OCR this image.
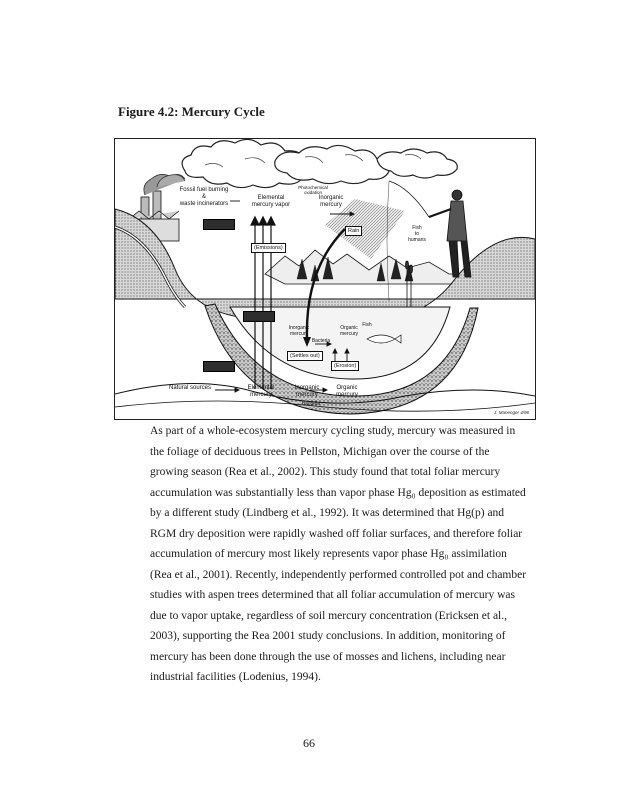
Figure 4.2: Mercury Cycle
Fossil fuel burning
&
waste incinerators
Photochemical
oxidation
Elemental
mercury vapor
Inorganic
mercury
Fish
to
humans
Inorganic
mercury
Organic
mercury
Bacteria
Fish
Natural sources	Elemental
mercury
Inorganic
mercury
Organic
mercury
Bacteria
Rain
(Emissions)
(Settles out)
(Erosion)
J. Manenger 4/96
As part of a whole-ecosystem mercury cycling study, mercury was measured in
the foliage of deciduous trees in Pellston, Michigan over the course of the
growing season (Rea et al., 2002). This study found that total foliar mercury
accumulation was substantially less than vapor phase Hg₀ deposition as estimated
by a different study (Lindberg et al., 1992). It was determined that Hg(p) and
RGM dry deposition were rapidly washed off foliar surfaces, and therefore foliar
accumulation of mercury most likely represents vapor phase Hg₀ assimilation
(Rea et al., 2001). Recently, independently performed controlled pot and chamber
studies with aspen trees determined that all foliar accumulation of mercury was
due to vapor uptake, regardless of soil mercury concentration (Ericksen et al.,
2003), supporting the Rea 2001 study conclusions. In addition, monitoring of
mercury has been done through the use of mosses and lichens, including near
industrial facilities (Lodenius, 1994).
66
